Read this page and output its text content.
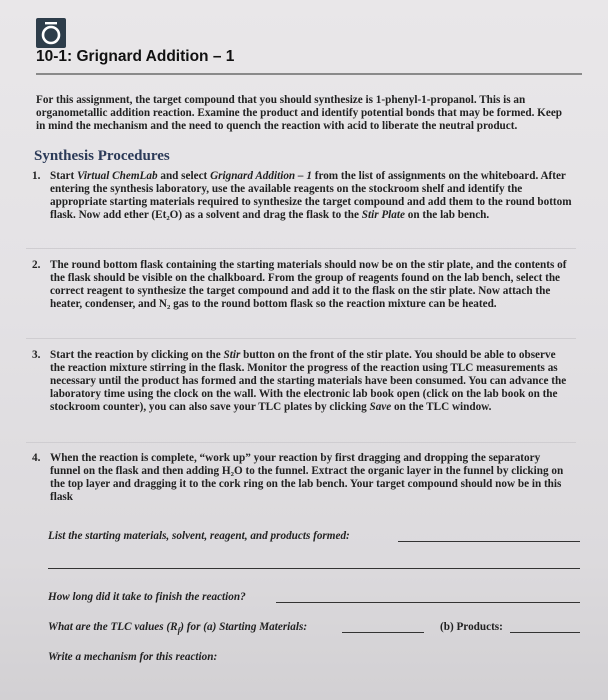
10-1: Grignard Addition – 1
For this assignment, the target compound that you should synthesize is 1-phenyl-1-propanol. This is an organometallic addition reaction. Examine the product and identify potential bonds that may be formed. Keep in mind the mechanism and the need to quench the reaction with acid to liberate the neutral product.
Synthesis Procedures
1. Start Virtual ChemLab and select Grignard Addition – 1 from the list of assignments on the whiteboard. After entering the synthesis laboratory, use the available reagents on the stockroom shelf and identify the appropriate starting materials required to synthesize the target compound and add them to the round bottom flask. Now add ether (Et₂O) as a solvent and drag the flask to the Stir Plate on the lab bench.
2. The round bottom flask containing the starting materials should now be on the stir plate, and the contents of the flask should be visible on the chalkboard. From the group of reagents found on the lab bench, select the correct reagent to synthesize the target compound and add it to the flask on the stir plate. Now attach the heater, condenser, and N₂ gas to the round bottom flask so the reaction mixture can be heated.
3. Start the reaction by clicking on the Stir button on the front of the stir plate. You should be able to observe the reaction mixture stirring in the flask. Monitor the progress of the reaction using TLC measurements as necessary until the product has formed and the starting materials have been consumed. You can advance the laboratory time using the clock on the wall. With the electronic lab book open (click on the lab book on the stockroom counter), you can also save your TLC plates by clicking Save on the TLC window.
4. When the reaction is complete, “work up” your reaction by first dragging and dropping the separatory funnel on the flask and then adding H₂O to the funnel. Extract the organic layer in the funnel by clicking on the top layer and dragging it to the cork ring on the lab bench. Your target compound should now be in this flask
List the starting materials, solvent, reagent, and products formed:
How long did it take to finish the reaction?
What are the TLC values $(R_f)$ for (a) Starting Materials:	(b) Products:
Write a mechanism for this reaction:
